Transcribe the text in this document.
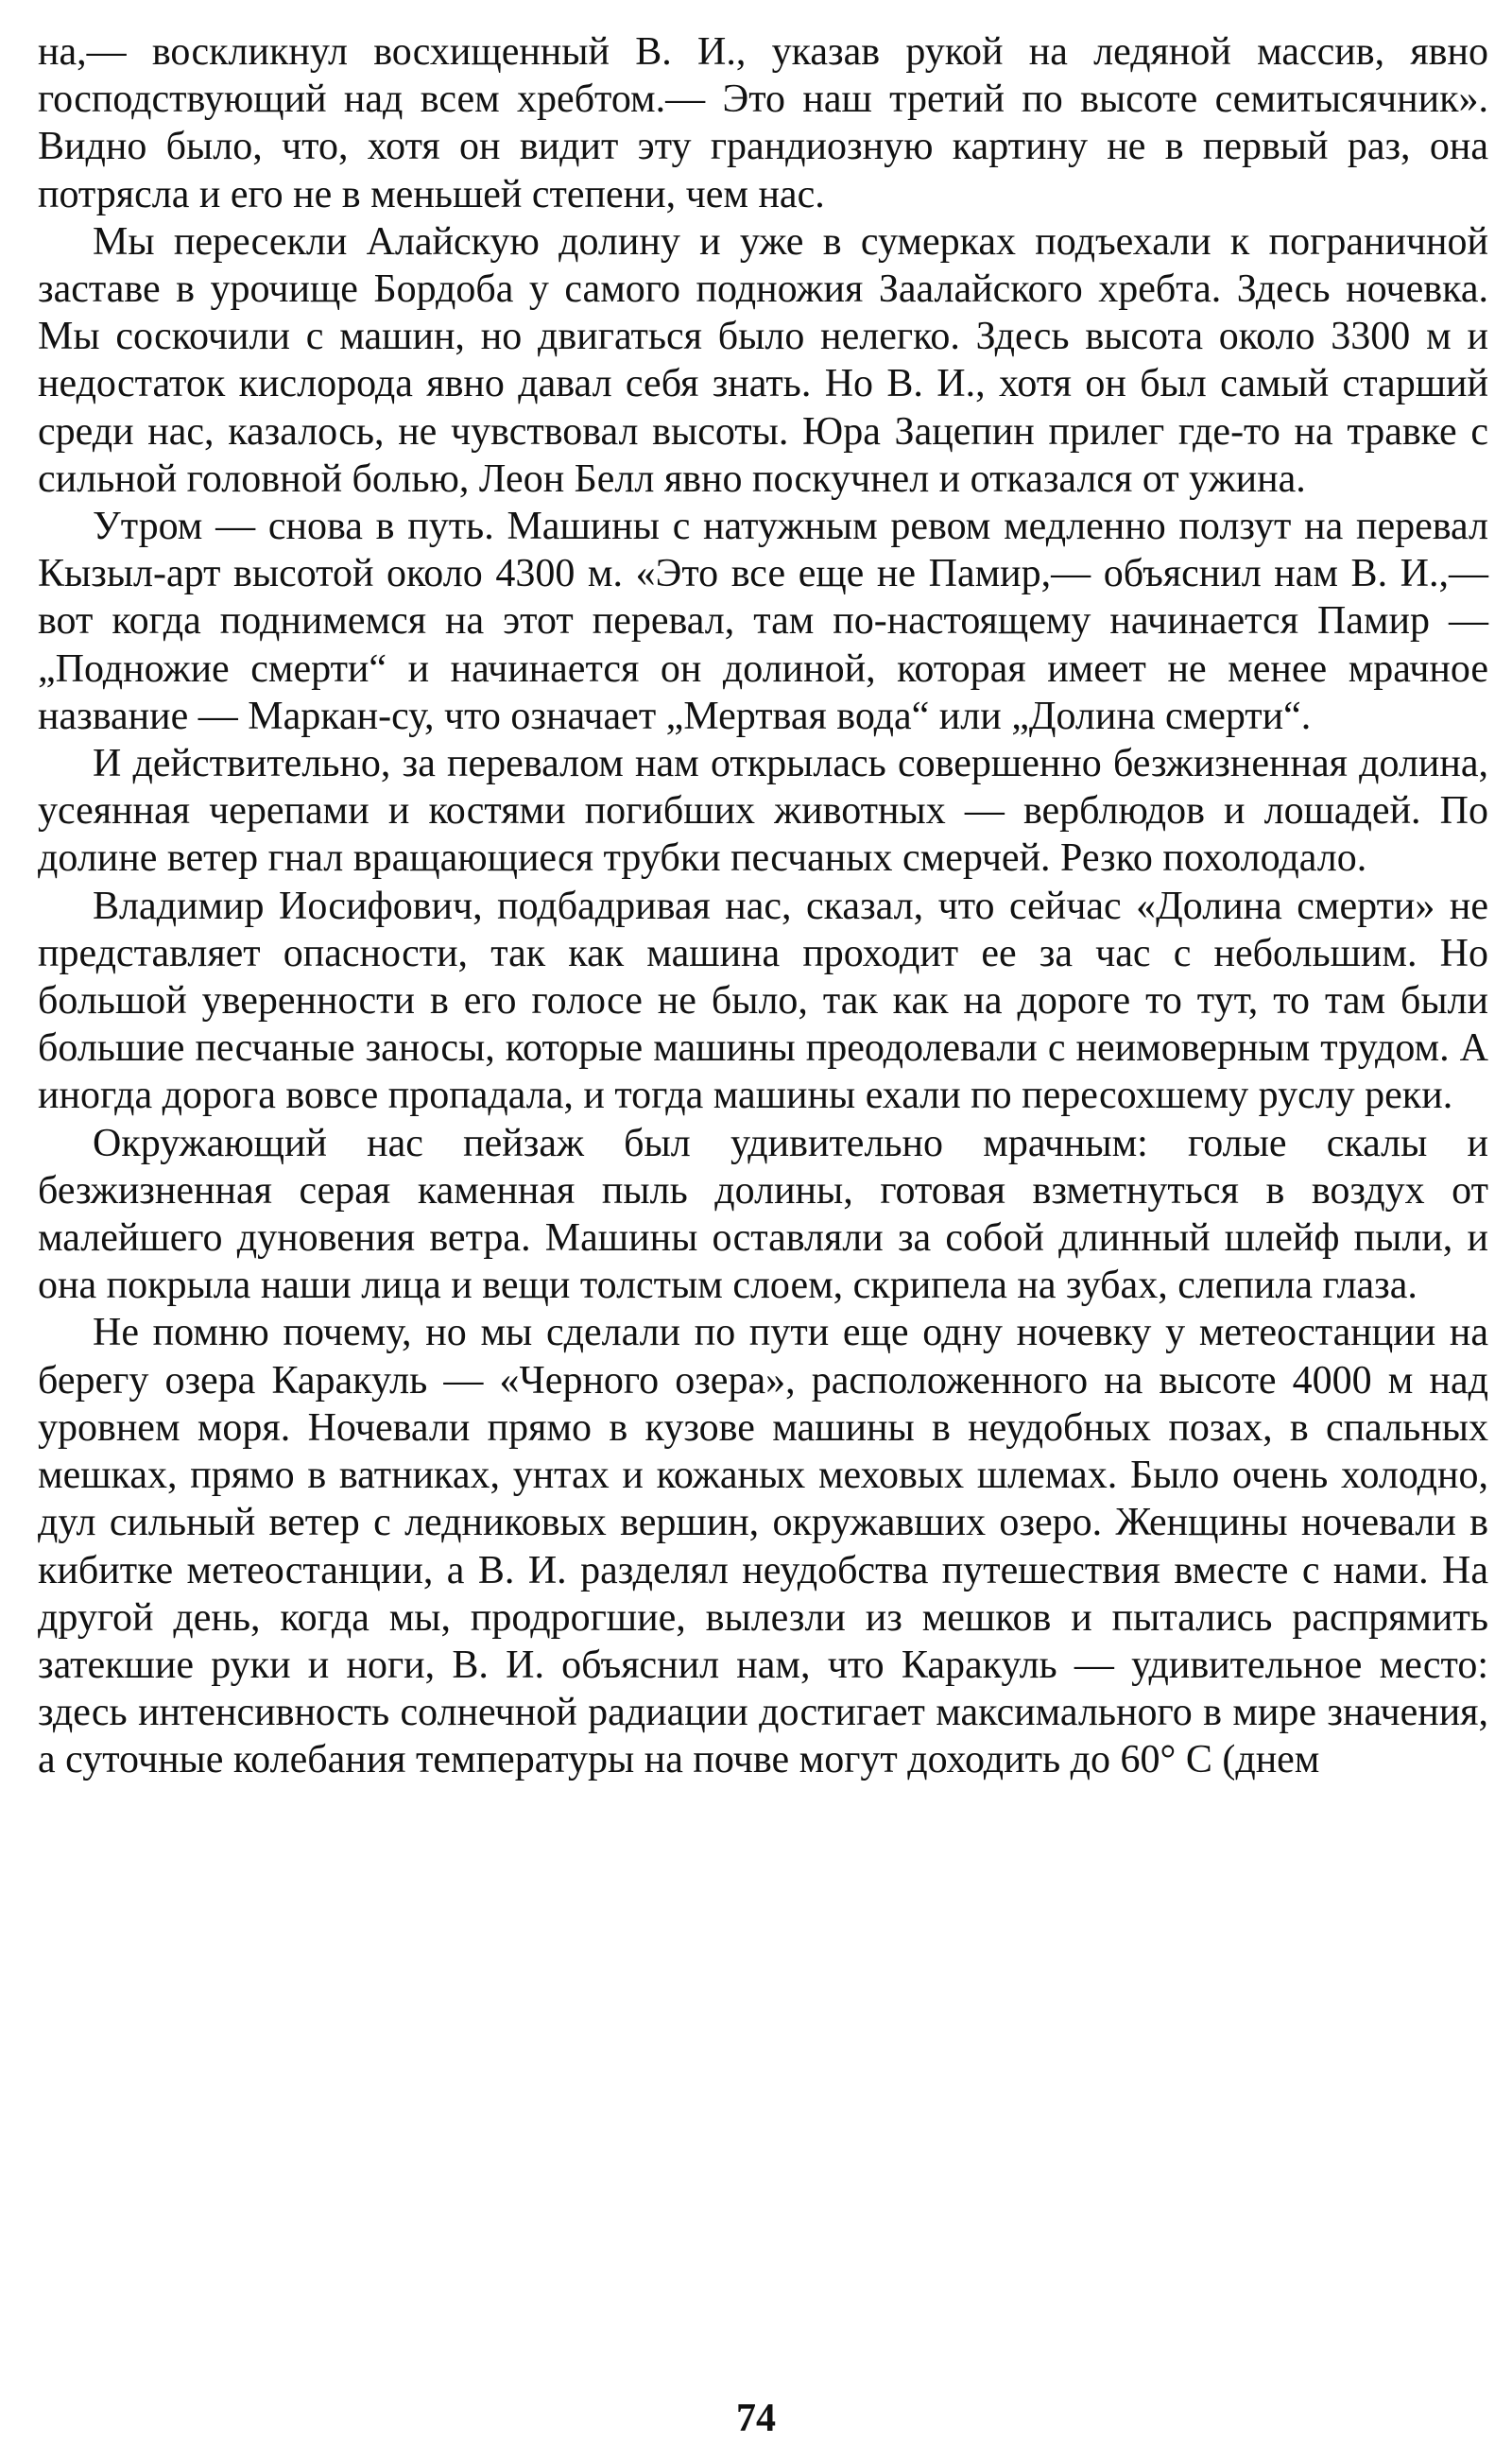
на,— воскликнул восхищенный В. И., указав рукой на ледяной массив, явно господствующий над всем хребтом.— Это наш третий по высоте семитысячник». Видно было, что, хотя он видит эту грандиозную картину не в первый раз, она потрясла и его не в меньшей степени, чем нас.

Мы пересекли Алайскую долину и уже в сумерках подъехали к пограничной заставе в урочище Бордоба у самого подножия Заалайского хребта. Здесь ночевка. Мы соскочили с машин, но двигаться было нелегко. Здесь высота около 3300 м и недостаток кислорода явно давал себя знать. Но В. И., хотя он был самый старший среди нас, казалось, не чувствовал высоты. Юра Зацепин прилег где-то на травке с сильной головной болью, Леон Белл явно поскучнел и отказался от ужина.

Утром — снова в путь. Машины с натужным ревом медленно ползут на перевал Кызыл-арт высотой около 4300 м. «Это все еще не Памир,— объяснил нам В. И.,— вот когда поднимемся на этот перевал, там по-настоящему начинается Памир — „Подножие смерти“ и начинается он долиной, которая имеет не менее мрачное название — Маркан-су, что означает „Мертвая вода“ или „Долина смерти“.

И действительно, за перевалом нам открылась совершенно безжизненная долина, усеянная черепами и костями погибших животных — верблюдов и лошадей. По долине ветер гнал вращающиеся трубки песчаных смерчей. Резко похолодало.

Владимир Иосифович, подбадривая нас, сказал, что сейчас «Долина смерти» не представляет опасности, так как машина проходит ее за час с небольшим. Но большой уверенности в его голосе не было, так как на дороге то тут, то там были большие песчаные заносы, которые машины преодолевали с неимоверным трудом. А иногда дорога вовсе пропадала, и тогда машины ехали по пересохшему руслу реки.

Окружающий нас пейзаж был удивительно мрачным: голые скалы и безжизненная серая каменная пыль долины, готовая взметнуться в воздух от малейшего дуновения ветра. Машины оставляли за собой длинный шлейф пыли, и она покрыла наши лица и вещи толстым слоем, скрипела на зубах, слепила глаза.

Не помню почему, но мы сделали по пути еще одну ночевку у метеостанции на берегу озера Каракуль — «Черного озера», расположенного на высоте 4000 м над уровнем моря. Ночевали прямо в кузове машины в неудобных позах, в спальных мешках, прямо в ватниках, унтах и кожаных меховых шлемах. Было очень холодно, дул сильный ветер с ледниковых вершин, окружавших озеро. Женщины ночевали в кибитке метеостанции, а В. И. разделял неудобства путешествия вместе с нами. На другой день, когда мы, продрогшие, вылезли из мешков и пытались распрямить затекшие руки и ноги, В. И. объяснил нам, что Каракуль — удивительное место: здесь интенсивность солнечной радиации достигает максимального в мире значения, а суточные колебания температуры на почве могут доходить до 60° С (днем

74
